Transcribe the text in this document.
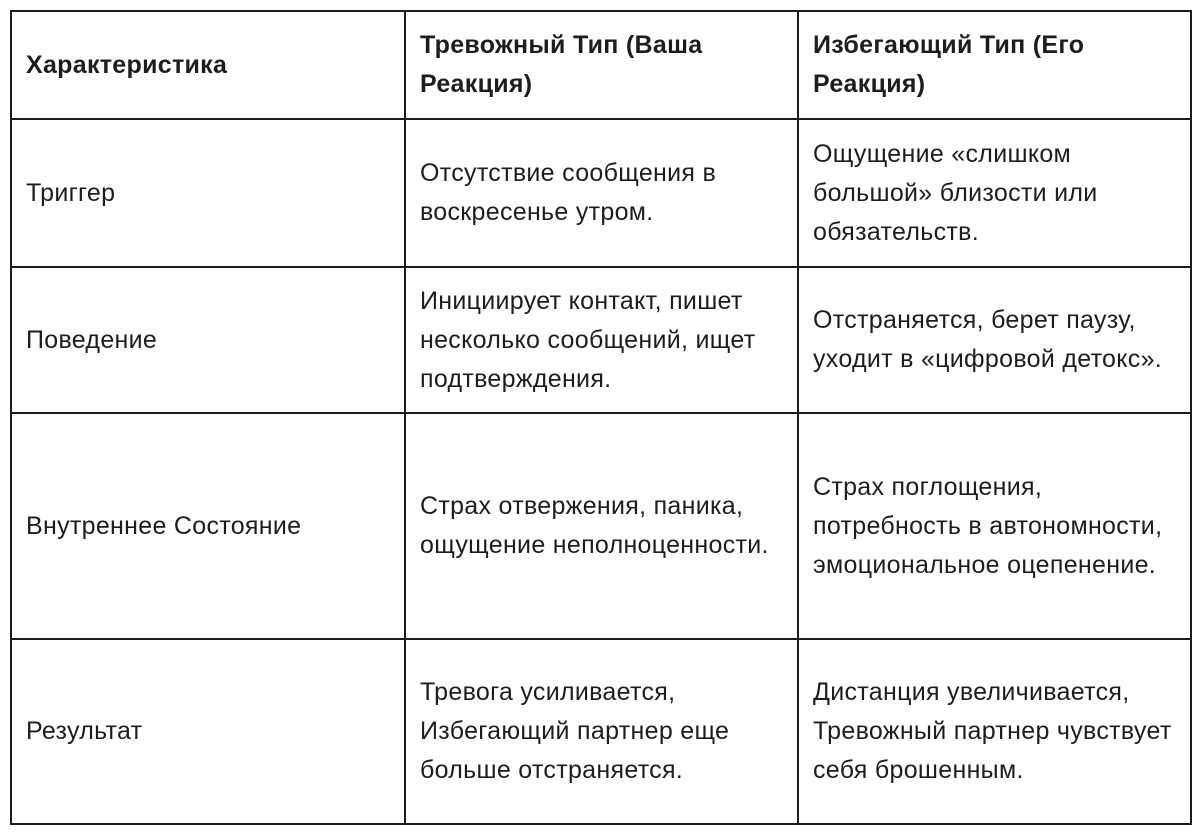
Характеристика	Тревожный Тип (Ваша Реакция)	Избегающий Тип (Его Реакция)
Триггер	Отсутствие сообщения в воскресенье утром.	Ощущение «слишком большой» близости или обязательств.
Поведение	Инициирует контакт, пишет несколько сообщений, ищет подтверждения.	Отстраняется, берет паузу, уходит в «цифровой детокс».
Внутреннее Состояние	Страх отвержения, паника, ощущение неполноценности.	Страх поглощения, потребность в автономности, эмоциональное оцепенение.
Результат	Тревога усиливается, Избегающий партнер еще больше отстраняется.	Дистанция увеличивается, Тревожный партнер чувствует себя брошенным.
